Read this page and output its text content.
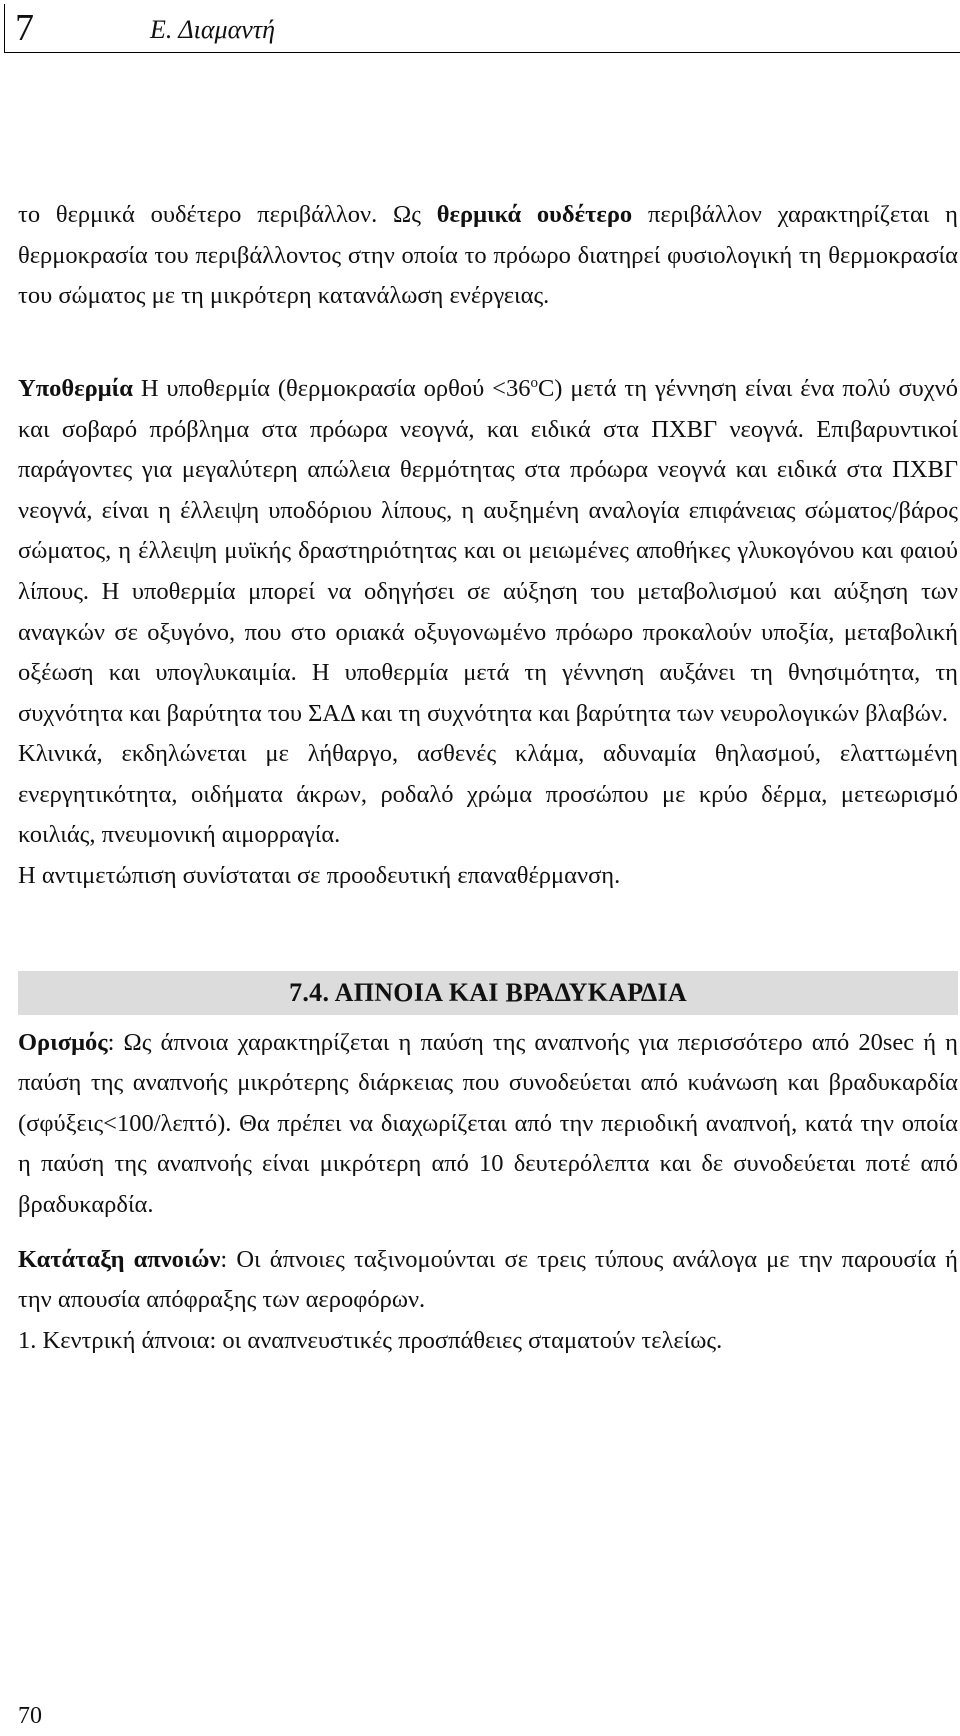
7	Ε. Διαμαντή

το θερμικά ουδέτερο περιβάλλον. Ως θερμικά ουδέτερο περιβάλλον χαρακτηρίζεται η θερμοκρασία του περιβάλλοντος στην οποία το πρόωρο διατηρεί φυσιολογική τη θερμοκρασία του σώματος με τη μικρότερη κατανάλωση ενέργειας.

Υποθερμία Η υποθερμία (θερμοκρασία $o\rho\theta oύ <36^oC$) μετά τη γέννηση είναι ένα πολύ συχνό και σοβαρό πρόβλημα στα πρόωρα νεογνά, και ειδικά στα ΠΧΒΓ νεογνά. Επιβαρυντικοί παράγοντες για μεγαλύτερη απώλεια θερμότητας στα πρόωρα νεογνά και ειδικά στα ΠΧΒΓ νεογνά, είναι η έλλειψη υποδόριου λίπους, η αυξημένη αναλογία επιφάνειας σώματος/βάρος σώματος, η έλλειψη μυϊκής δραστηριότητας και οι μειωμένες αποθήκες γλυκογόνου και φαιού λίπους. Η υποθερμία μπορεί να οδηγήσει σε αύξηση του μεταβολισμού και αύξηση των αναγκών σε οξυγόνο, που στο οριακά οξυγονωμένο πρόωρο προκαλούν υποξία, μεταβολική οξέωση και υπογλυκαιμία. Η υποθερμία μετά τη γέννηση αυξάνει τη θνησιμότητα, τη συχνότητα και βαρύτητα του ΣΑΔ και τη συχνότητα και βαρύτητα των νευρολογικών βλαβών.

Κλινικά, εκδηλώνεται με λήθαργο, ασθενές κλάμα, αδυναμία θηλασμού, ελαττωμένη ενεργητικότητα, οιδήματα άκρων, ροδαλό χρώμα προσώπου με κρύο δέρμα, μετεωρισμό κοιλιάς, πνευμονική αιμορραγία.

Η αντιμετώπιση συνίσταται σε προοδευτική επαναθέρμανση.

7.4. ΑΠΝΟΙΑ ΚΑΙ ΒΡΑΔΥΚΑΡΔΙΑ

Ορισμός: Ως άπνοια χαρακτηρίζεται η παύση της αναπνοής για περισσότερο από 20sec ή η παύση της αναπνοής μικρότερης διάρκειας που συνοδεύεται από κυάνωση και βραδυκαρδία (σφύξεις<100/λεπτό). Θα πρέπει να διαχωρίζεται από την περιοδική αναπνοή, κατά την οποία η παύση της αναπνοής είναι μικρότερη από 10 δευτερόλεπτα και δε συνοδεύεται ποτέ από βραδυκαρδία.

Κατάταξη απνοιών: Οι άπνοιες ταξινομούνται σε τρεις τύπους ανάλογα με την παρουσία ή την απουσία απόφραξης των αεροφόρων.

1. Κεντρική άπνοια: οι αναπνευστικές προσπάθειες σταματούν τελείως.

70
